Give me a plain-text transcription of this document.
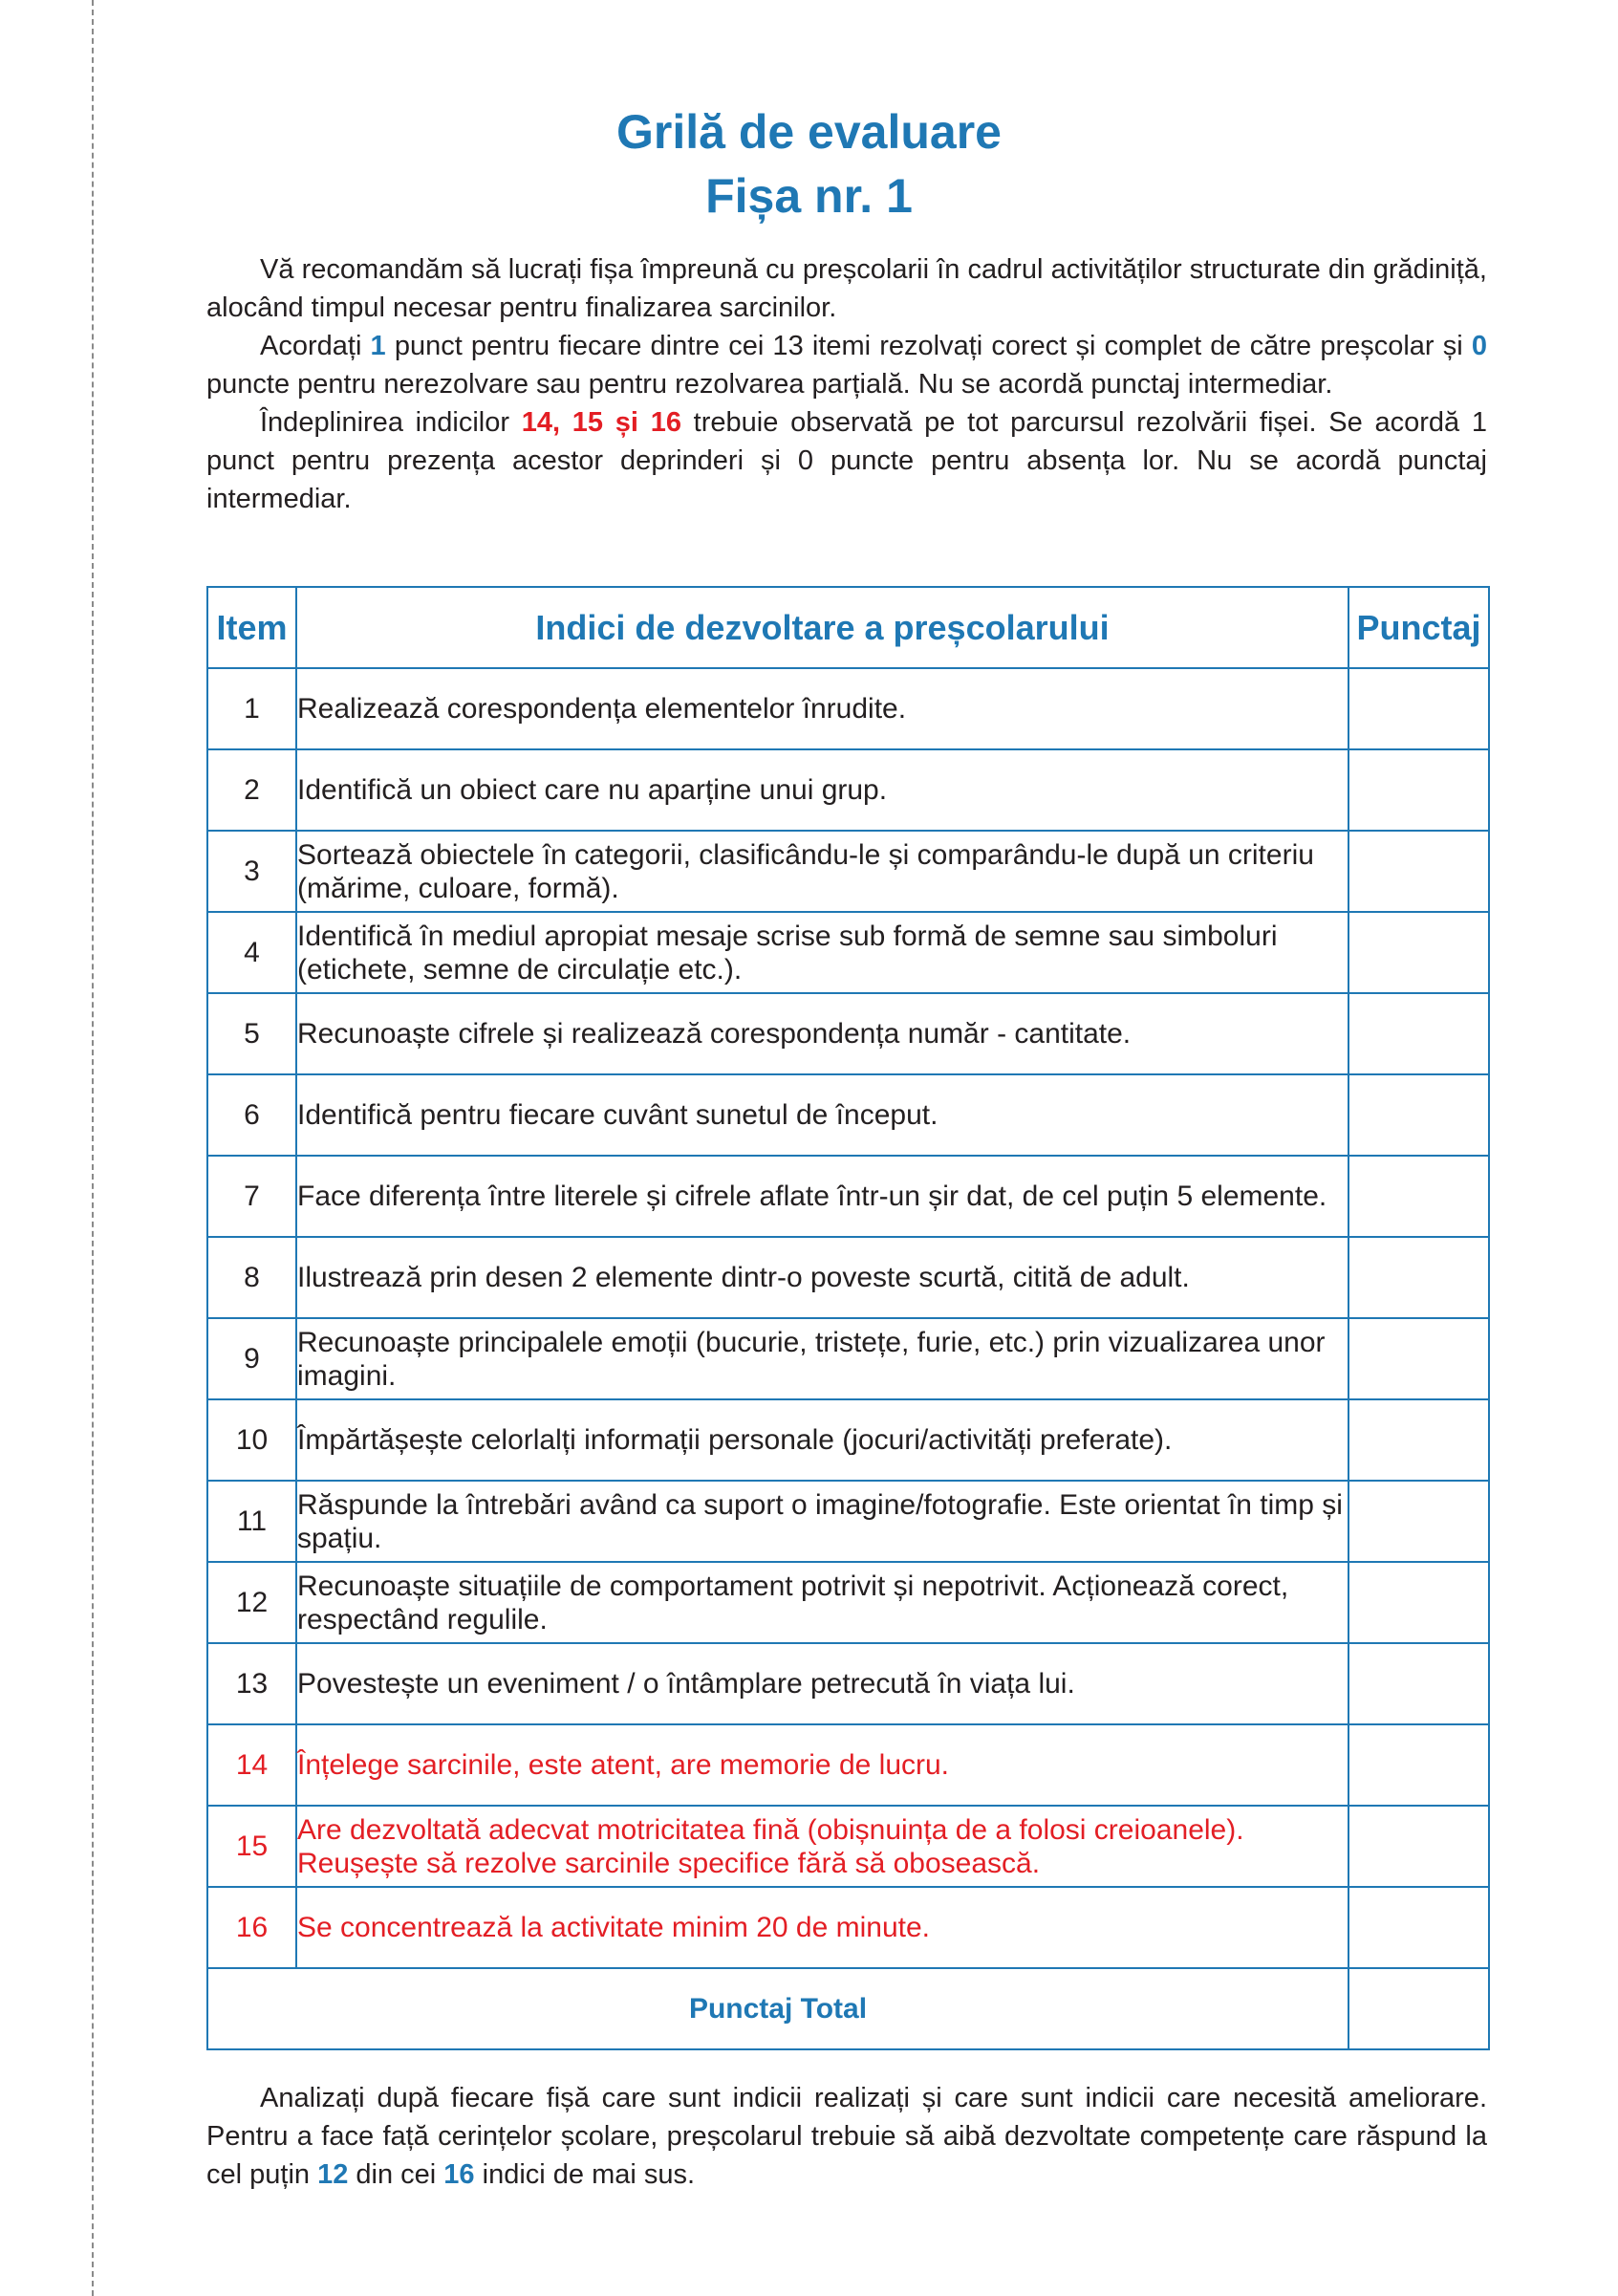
Grilă de evaluare
Fișa nr. 1

Vă recomandăm să lucrați fișa împreună cu preșcolarii în cadrul activităților structurate din grădiniță, alocând timpul necesar pentru finalizarea sarcinilor.

Acordați 1 punct pentru fiecare dintre cei 13 itemi rezolvați corect și complet de către preșcolar și 0 puncte pentru nerezolvare sau pentru rezolvarea parțială. Nu se acordă punctaj intermediar.

Îndeplinirea indicilor 14, 15 și 16 trebuie observată pe tot parcursul rezolvării fișei. Se acordă 1 punct pentru prezența acestor deprinderi și 0 puncte pentru absența lor. Nu se acordă punctaj intermediar.

Item	Indici de dezvoltare a preșcolarului	Punctaj
1	Realizează corespondența elementelor înrudite.	
2	Identifică un obiect care nu aparține unui grup.	
3	Sortează obiectele în categorii, clasificându-le și comparându-le după un criteriu (mărime, culoare, formă).	
4	Identifică în mediul apropiat mesaje scrise sub formă de semne sau simboluri (etichete, semne de circulație etc.).	
5	Recunoaște cifrele și realizează corespondența număr - cantitate.	
6	Identifică pentru fiecare cuvânt sunetul de început.	
7	Face diferența între literele și cifrele aflate într-un șir dat, de cel puțin 5 elemente.	
8	Ilustrează prin desen 2 elemente dintr-o poveste scurtă, citită de adult.	
9	Recunoaște principalele emoții (bucurie, tristețe, furie, etc.) prin vizualizarea unor imagini.	
10	Împărtășește celorlalți informații personale (jocuri/activități preferate).	
11	Răspunde la întrebări având ca suport o imagine/fotografie. Este orientat în timp și spațiu.	
12	Recunoaște situațiile de comportament potrivit și nepotrivit. Acționează corect, respectând regulile.	
13	Povestește un eveniment / o întâmplare petrecută în viața lui.	
14	Înțelege sarcinile, este atent, are memorie de lucru.	
15	Are dezvoltată adecvat motricitatea fină (obișnuința de a folosi creioanele). Reușește să rezolve sarcinile specifice fără să obosească.	
16	Se concentrează la activitate minim 20 de minute.	
Punctaj Total		

Analizați după fiecare fișă care sunt indicii realizați și care sunt indicii care necesită ameliorare. Pentru a face față cerințelor școlare, preșcolarul trebuie să aibă dezvoltate competențe care răspund la cel puțin 12 din cei 16 indici de mai sus.
